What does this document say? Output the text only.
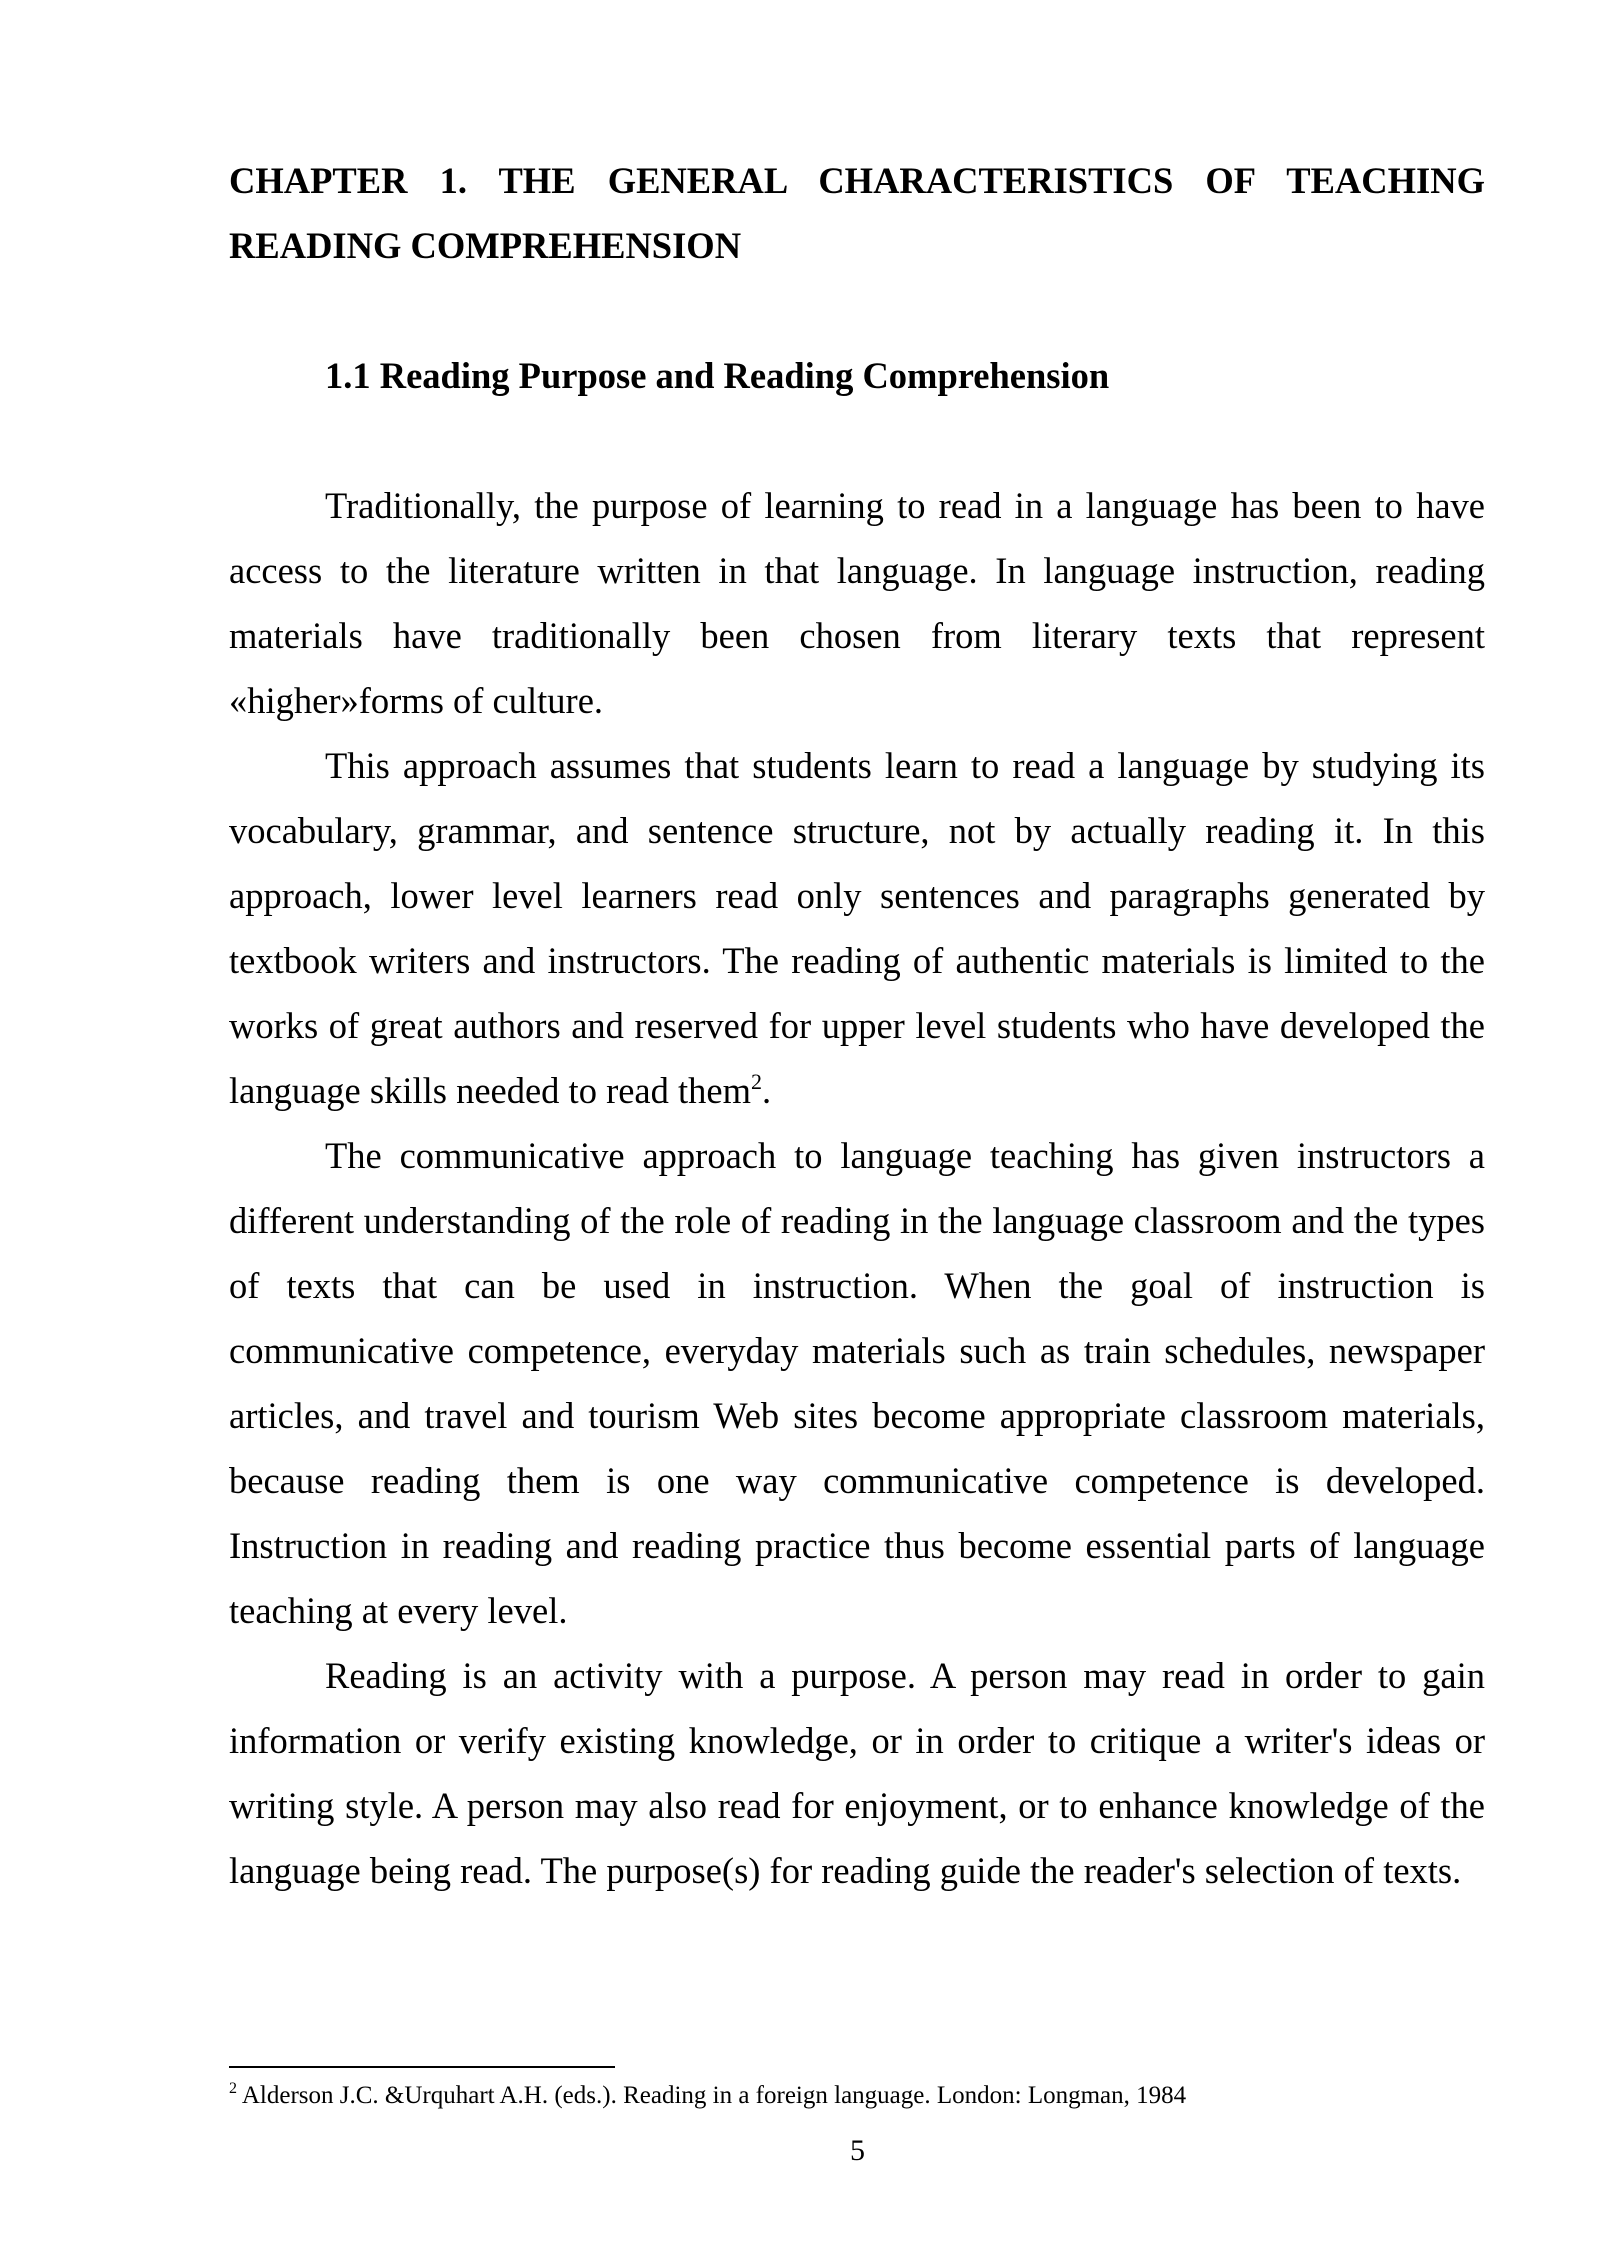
CHAPTER 1. THE GENERAL CHARACTERISTICS OF TEACHING READING COMPREHENSION
1.1 Reading Purpose and Reading Comprehension

Traditionally, the purpose of learning to read in a language has been to have access to the literature written in that language. In language instruction, reading materials have traditionally been chosen from literary texts that represent «higher»forms of culture.

This approach assumes that students learn to read a language by studying its vocabulary, grammar, and sentence structure, not by actually reading it. In this approach, lower level learners read only sentences and paragraphs generated by textbook writers and instructors. The reading of authentic materials is limited to the works of great authors and reserved for upper level students who have developed the language skills needed to read them$^2$.

The communicative approach to language teaching has given instructors a different understanding of the role of reading in the language classroom and the types of texts that can be used in instruction. When the goal of instruction is communicative competence, everyday materials such as train schedules, newspaper articles, and travel and tourism Web sites become appropriate classroom materials, because reading them is one way communicative competence is developed. Instruction in reading and reading practice thus become essential parts of language teaching at every level.

Reading is an activity with a purpose. A person may read in order to gain information or verify existing knowledge, or in order to critique a writer's ideas or writing style. A person may also read for enjoyment, or to enhance knowledge of the language being read. The purpose(s) for reading guide the reader's selection of texts.

$^2$ Alderson J.C. &Urquhart A.H. (eds.). Reading in a foreign language. London: Longman, 1984
5
